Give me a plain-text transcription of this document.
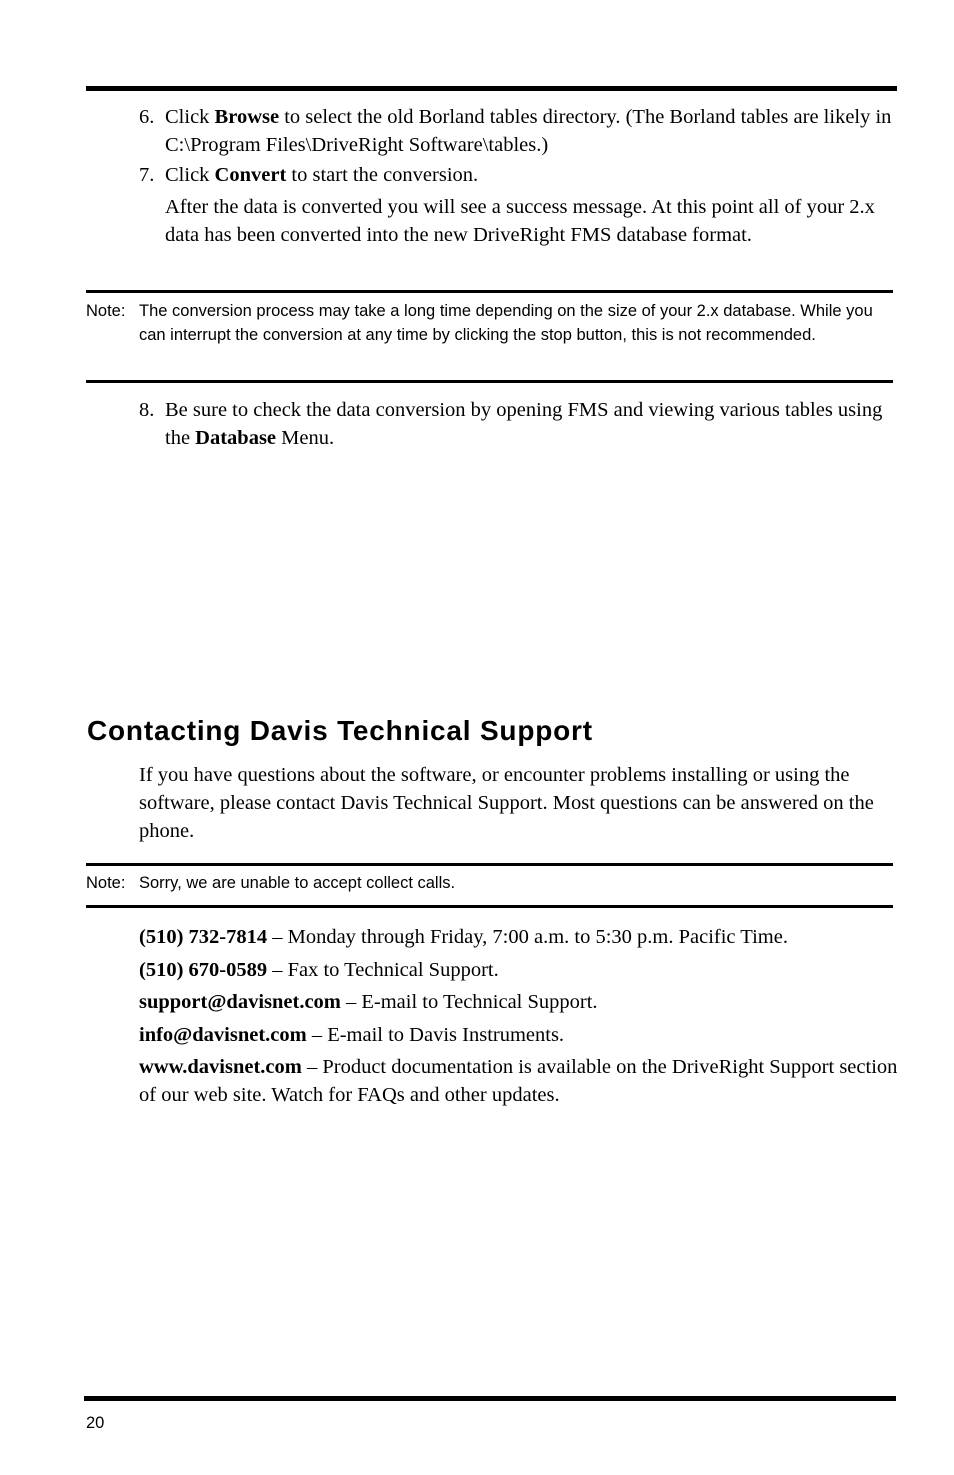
6. Click Browse to select the old Borland tables directory. (The Borland tables are likely in C:\Program Files\DriveRight Software\tables.)
7. Click Convert to start the conversion.
After the data is converted you will see a success message. At this point all of your 2.x data has been converted into the new DriveRight FMS database format.
Note: The conversion process may take a long time depending on the size of your 2.x database. While you can interrupt the conversion at any time by clicking the stop button, this is not recommended.
8. Be sure to check the data conversion by opening FMS and viewing various tables using the Database Menu.
Contacting Davis Technical Support
If you have questions about the software, or encounter problems installing or using the software, please contact Davis Technical Support. Most questions can be answered on the phone.
Note: Sorry, we are unable to accept collect calls.
(510) 732-7814 – Monday through Friday, 7:00 a.m. to 5:30 p.m. Pacific Time.
(510) 670-0589 – Fax to Technical Support.
support@davisnet.com – E-mail to Technical Support.
info@davisnet.com – E-mail to Davis Instruments.
www.davisnet.com – Product documentation is available on the DriveRight Support section of our web site. Watch for FAQs and other updates.
20
